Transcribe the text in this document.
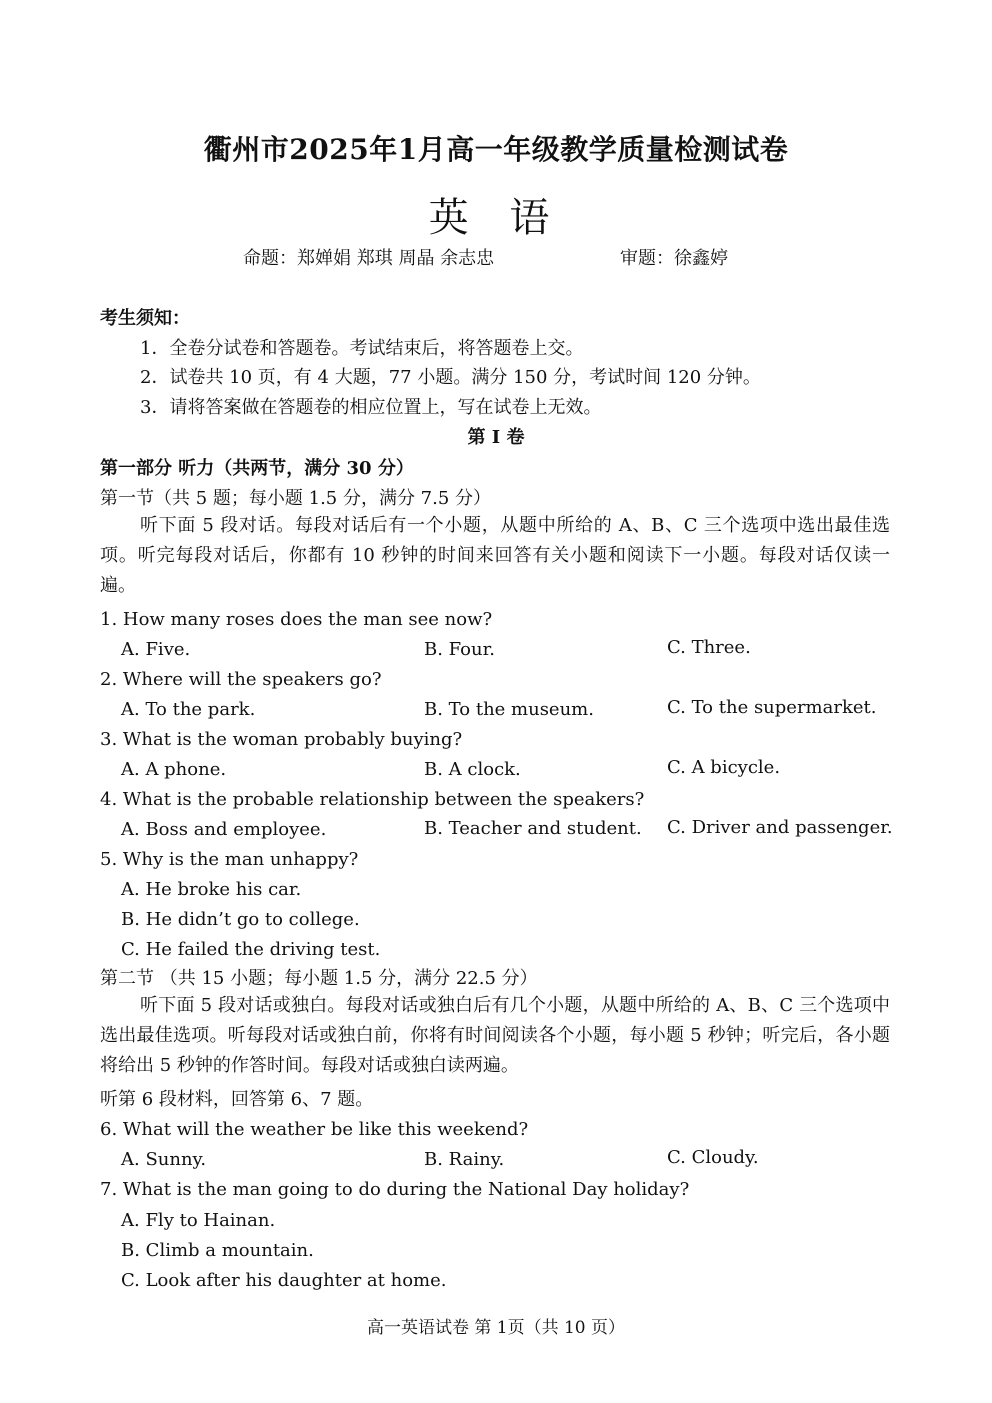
衢州市2025年1月高一年级教学质量检测试卷
英 语
命题：郑婵娟 郑琪 周晶 余志忠	审题：徐鑫婷
考生须知：
1．全卷分试卷和答题卷。考试结束后，将答题卷上交。
2．试卷共 10 页，有 4 大题，77 小题。满分 150 分，考试时间 120 分钟。
3．请将答案做在答题卷的相应位置上，写在试卷上无效。
第 I 卷
第一部分 听力（共两节，满分 30 分）
第一节（共 5 题；每小题 1.5 分，满分 7.5 分）
听下面 5 段对话。每段对话后有一个小题，从题中所给的 A、B、C 三个选项中选出最佳选项。听完每段对话后，你都有 10 秒钟的时间来回答有关小题和阅读下一小题。每段对话仅读一遍。
1. How many roses does the man see now?
A. Five.	B. Four.	C. Three.
2. Where will the speakers go?
A. To the park.	B. To the museum.	C. To the supermarket.
3. What is the woman probably buying?
A. A phone.	B. A clock.	C. A bicycle.
4. What is the probable relationship between the speakers?
A. Boss and employee.	B. Teacher and student. C. Driver and passenger.
5. Why is the man unhappy?
A. He broke his car.
B. He didn’t go to college.
C. He failed the driving test.
第二节 （共 15 小题；每小题 1.5 分，满分 22.5 分）
听下面 5 段对话或独白。每段对话或独白后有几个小题，从题中所给的 A、B、C 三个选项中选出最佳选项。听每段对话或独白前，你将有时间阅读各个小题，每小题 5 秒钟；听完后，各小题将给出 5 秒钟的作答时间。每段对话或独白读两遍。
听第 6 段材料，回答第 6、7 题。
6. What will the weather be like this weekend?
A. Sunny.	B. Rainy.	C. Cloudy.
7. What is the man going to do during the National Day holiday?
A. Fly to Hainan.
B. Climb a mountain.
C. Look after his daughter at home.
高一英语试卷 第 1页（共 10 页）
